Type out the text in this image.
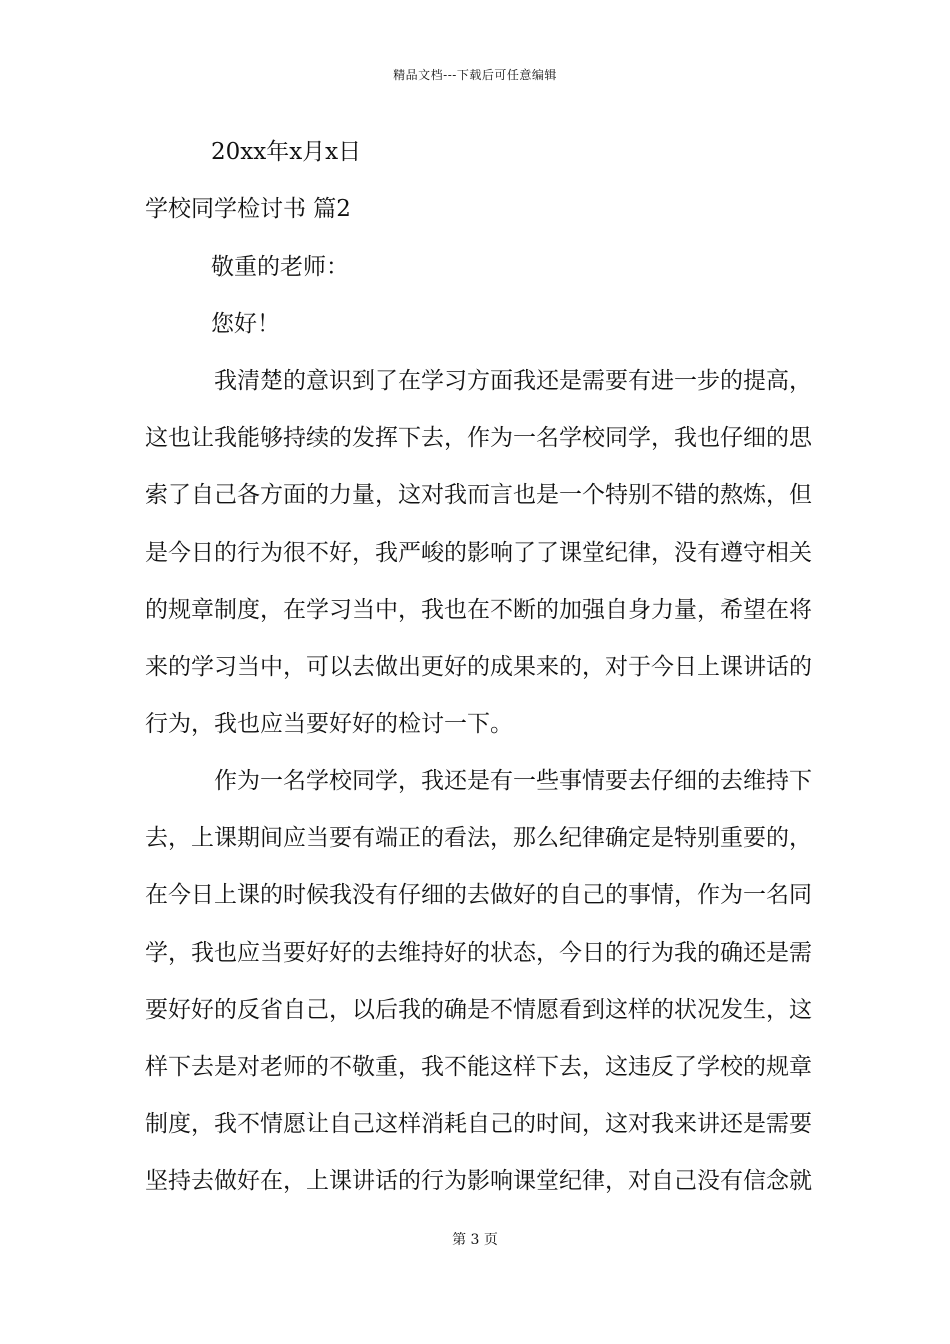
精品文档---下载后可任意编辑
20xx年x月x日
学校同学检讨书 篇2
敬重的老师：
您好！
我清楚的意识到了在学习方面我还是需要有进一步的提高，
这也让我能够持续的发挥下去，作为一名学校同学，我也仔细的思
索了自己各方面的力量，这对我而言也是一个特别不错的熬炼，但
是今日的行为很不好，我严峻的影响了了课堂纪律，没有遵守相关
的规章制度，在学习当中，我也在不断的加强自身力量，希望在将
来的学习当中，可以去做出更好的成果来的，对于今日上课讲话的
行为，我也应当要好好的检讨一下。
作为一名学校同学，我还是有一些事情要去仔细的去维持下
去，上课期间应当要有端正的看法，那么纪律确定是特别重要的，
在今日上课的时候我没有仔细的去做好的自己的事情，作为一名同
学，我也应当要好好的去维持好的状态，今日的行为我的确还是需
要好好的反省自己，以后我的确是不情愿看到这样的状况发生，这
样下去是对老师的不敬重，我不能这样下去，这违反了学校的规章
制度，我不情愿让自己这样消耗自己的时间，这对我来讲还是需要
坚持去做好在，上课讲话的行为影响课堂纪律，对自己没有信念就
第 3 页
